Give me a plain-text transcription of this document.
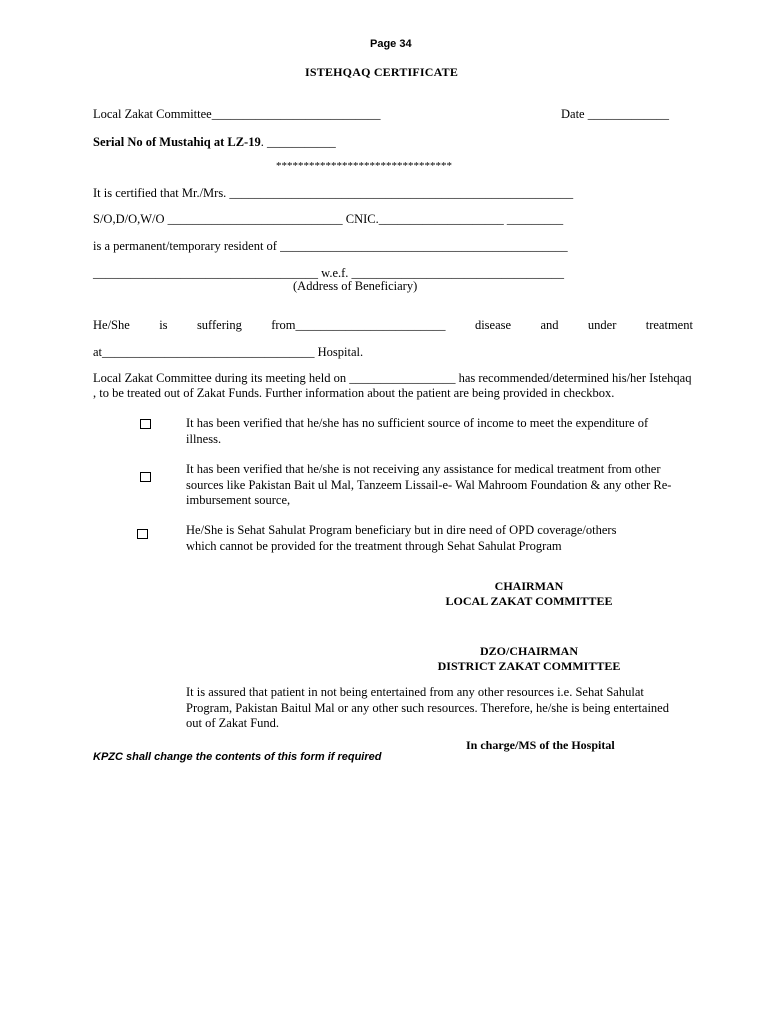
Page 34
ISTEHQAQ CERTIFICATE
Local Zakat Committee___________________________	Date _____________
Serial No of Mustahiq at LZ-19. ___________
********************************
It is certified that Mr./Mrs. _______________________________________________________
S/O,D/O,W/O ____________________________ CNIC.____________________ _________
is a permanent/temporary resident of ______________________________________________
____________________________________ w.e.f. __________________________________
(Address of Beneficiary)
He/She is suffering from________________________ disease and under treatment
at__________________________________ Hospital.
Local Zakat Committee during its meeting held on _________________ has recommended/determined his/her Istehqaq , to be treated out of Zakat Funds. Further information about the patient are being provided in checkbox.
It has been verified that he/she has no sufficient source of income to meet the expenditure of illness.
It has been verified that he/she is not receiving any assistance for medical treatment from other sources like Pakistan Bait ul Mal, Tanzeem Lissail-e- Wal Mahroom Foundation & any other Re-imbursement source,
He/She is Sehat Sahulat Program beneficiary but in dire need of OPD coverage/others which cannot be provided for the treatment through Sehat Sahulat Program
CHAIRMAN
LOCAL ZAKAT COMMITTEE
DZO/CHAIRMAN
DISTRICT ZAKAT COMMITTEE
It is assured that patient in not being entertained from any other resources i.e. Sehat Sahulat Program, Pakistan Baitul Mal or any other such resources. Therefore, he/she is being entertained out of Zakat Fund.
In charge/MS of the Hospital
KPZC shall change the contents of this form if required
